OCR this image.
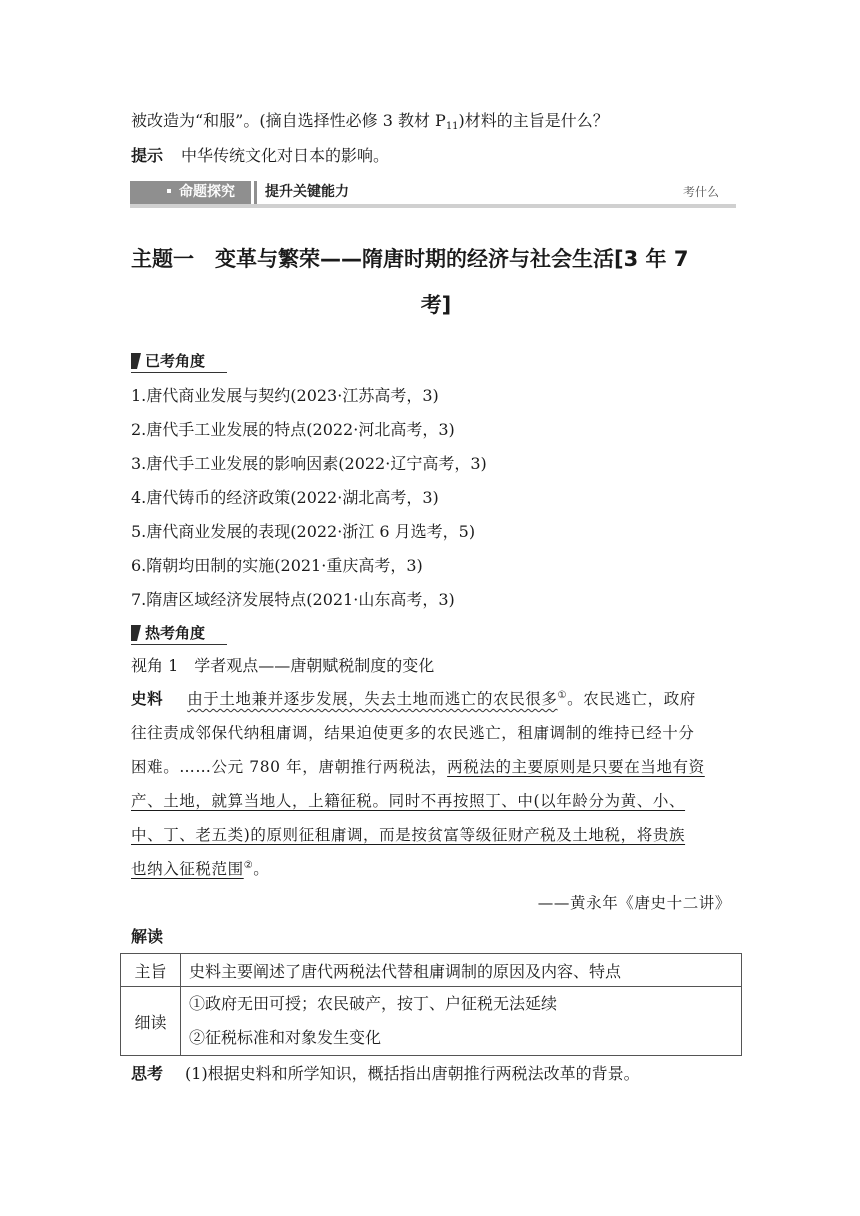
被改造为“和服”。(摘自选择性必修 3 教材 $P_{11}$)材料的主旨是什么？
提示 中华传统文化对日本的影响。
命题探究	提升关键能力	考什么
主题一　变革与繁荣——隋唐时期的经济与社会生活[3 年 7
考]
已考角度
1.唐代商业发展与契约(2023·江苏高考，3)
2.唐代手工业发展的特点(2022·河北高考，3)
3.唐代手工业发展的影响因素(2022·辽宁高考，3)
4.唐代铸币的经济政策(2022·湖北高考，3)
5.唐代商业发展的表现(2022·浙江 6 月选考，5)
6.隋朝均田制的实施(2021·重庆高考，3)
7.隋唐区域经济发展特点(2021·山东高考，3)
热考角度
视角 1　学者观点——唐朝赋税制度的变化
史料 由于土地兼并逐步发展，失去土地而逃亡的农民很多①。农民逃亡，政府
往往责成邻保代纳租庸调，结果迫使更多的农民逃亡，租庸调制的维持已经十分
困难。……公元 780 年，唐朝推行两税法，两税法的主要原则是只要在当地有资
产、土地，就算当地人，上籍征税。同时不再按照丁、中(以年龄分为黄、小、
中、丁、老五类)的原则征租庸调，而是按贫富等级征财产税及土地税，将贵族
也纳入征税范围②。
——黄永年《唐史十二讲》
解读
主旨	史料主要阐述了唐代两税法代替租庸调制的原因及内容、特点
细读	①政府无田可授；农民破产，按丁、户征税无法延续
②征税标准和对象发生变化
思考 (1)根据史料和所学知识，概括指出唐朝推行两税法改革的背景。
